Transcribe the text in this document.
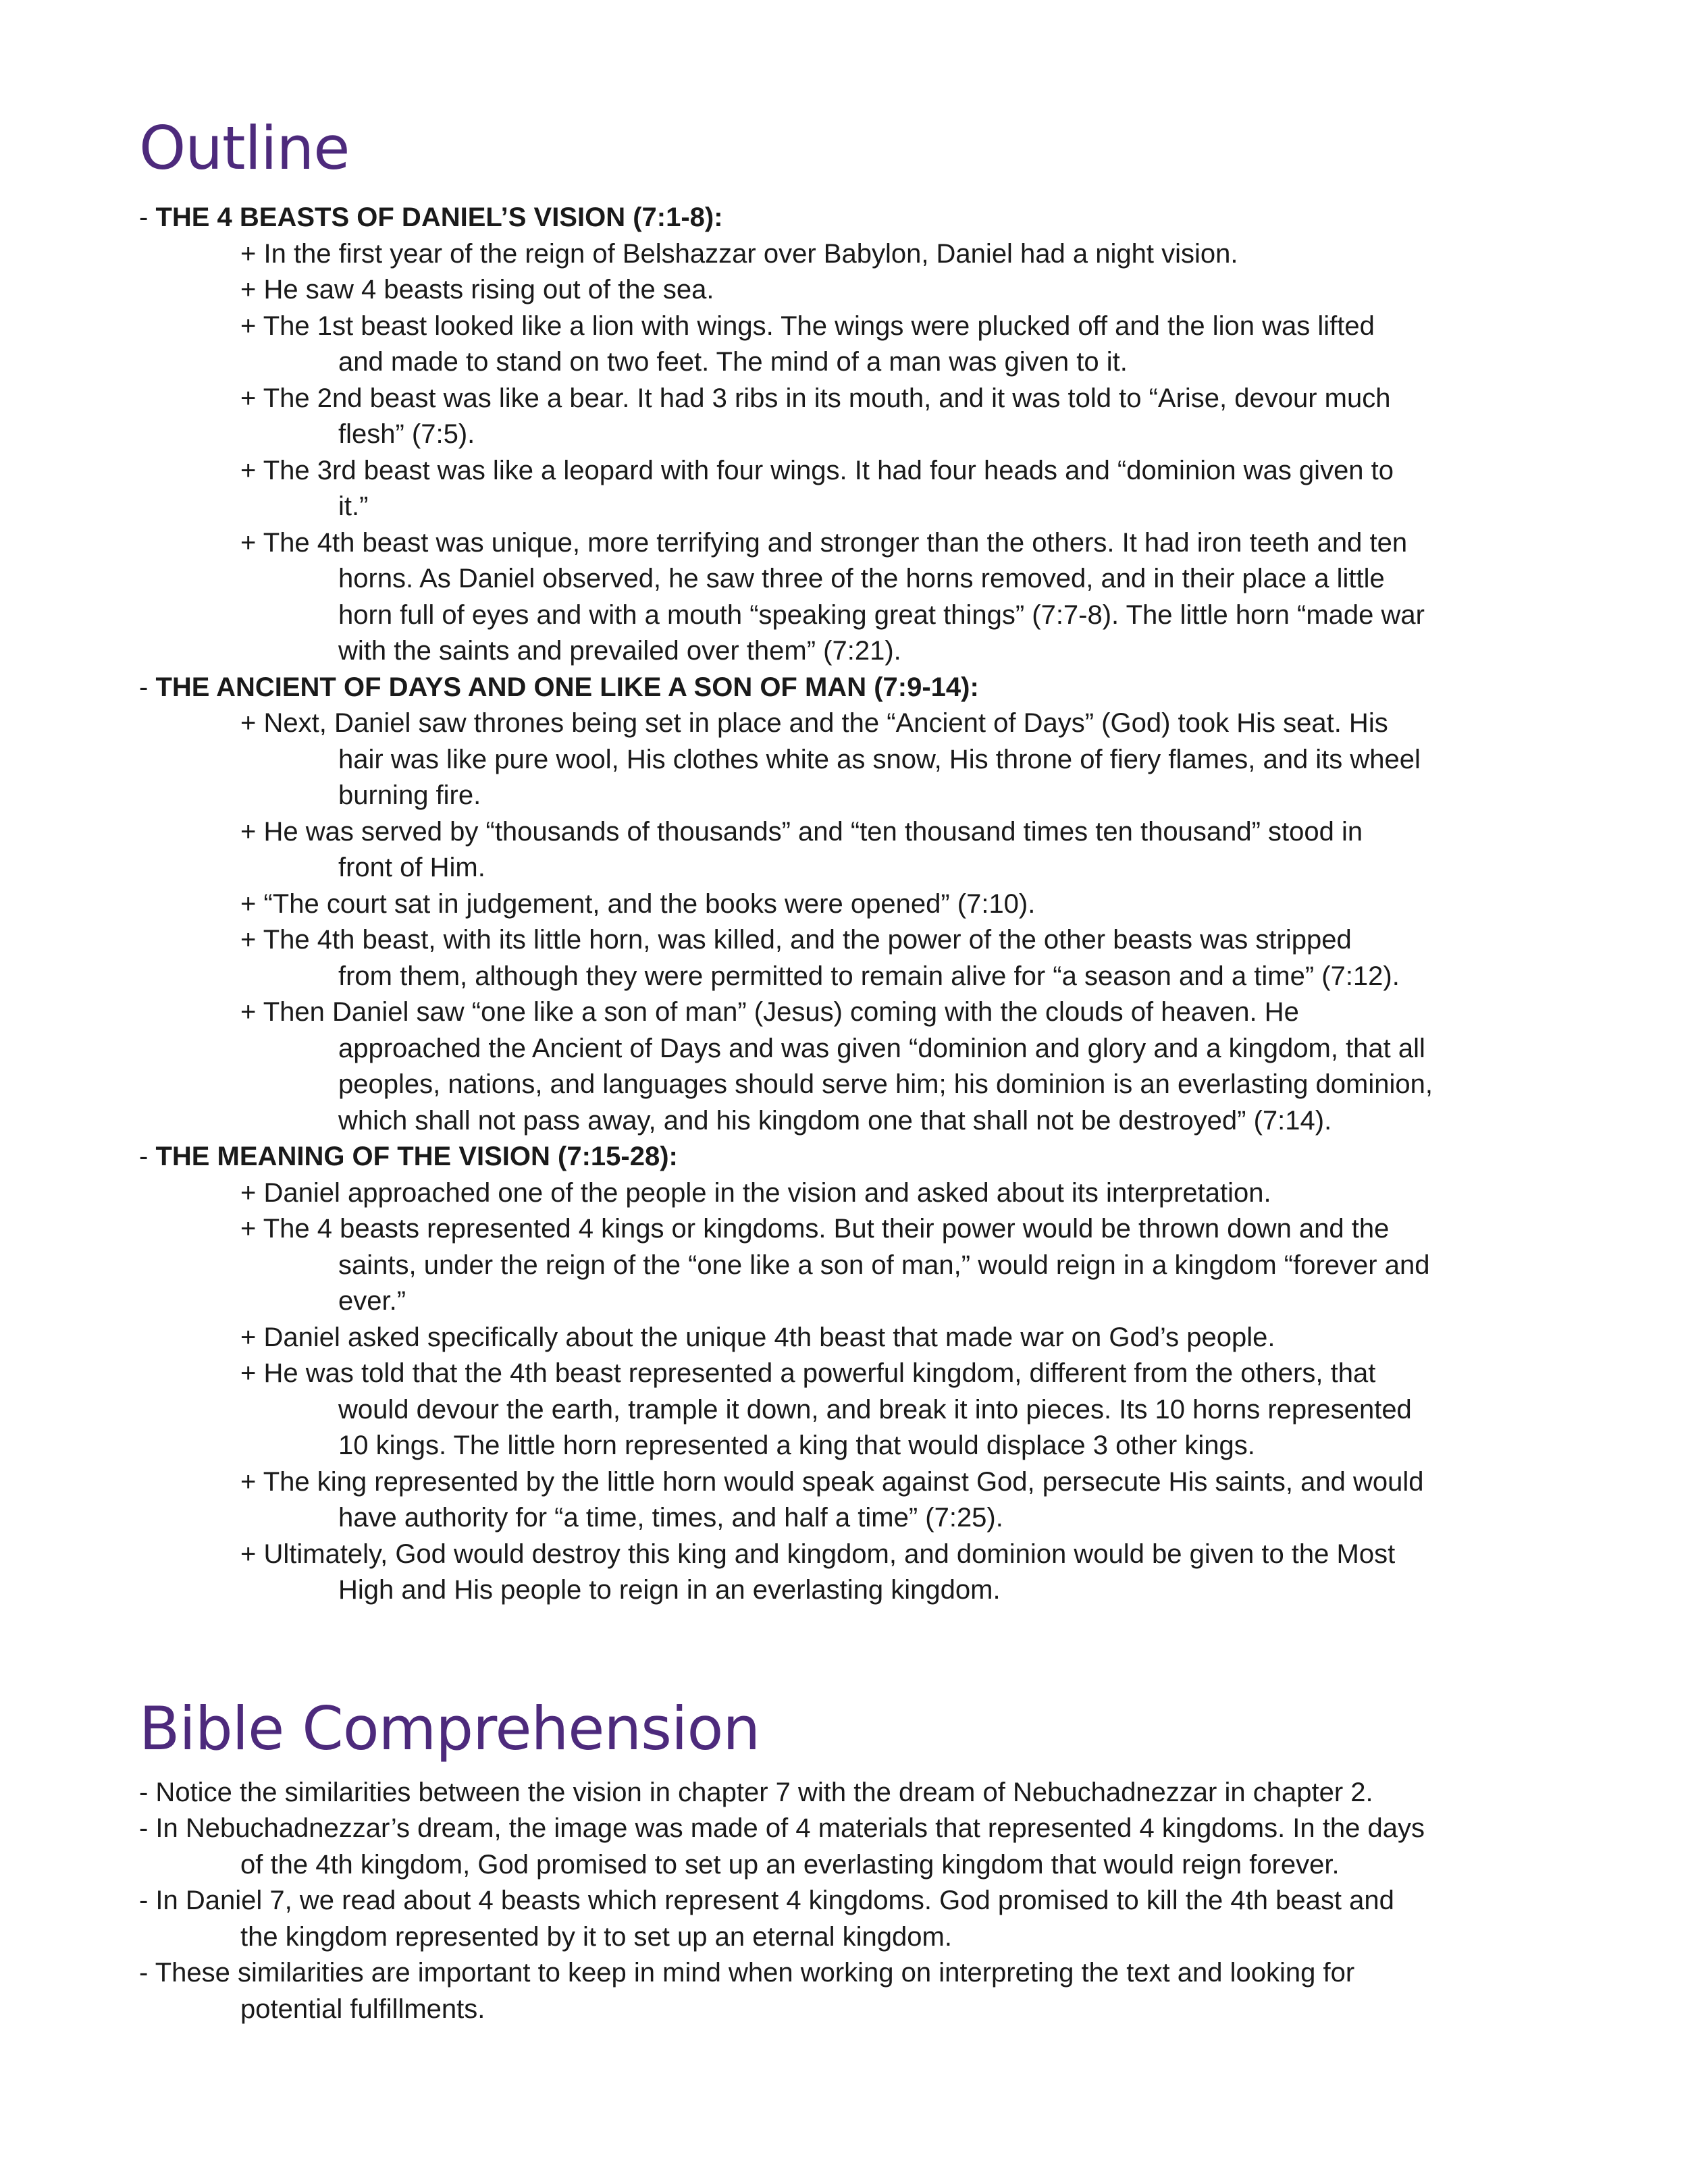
Outline
- THE 4 BEASTS OF DANIEL’S VISION (7:1-8):
+ In the first year of the reign of Belshazzar over Babylon, Daniel had a night vision.
+ He saw 4 beasts rising out of the sea.
+ The 1st beast looked like a lion with wings. The wings were plucked off and the lion was lifted
and made to stand on two feet. The mind of a man was given to it.
+ The 2nd beast was like a bear. It had 3 ribs in its mouth, and it was told to “Arise, devour much
flesh” (7:5).
+ The 3rd beast was like a leopard with four wings. It had four heads and “dominion was given to
it.”
+ The 4th beast was unique, more terrifying and stronger than the others. It had iron teeth and ten
horns. As Daniel observed, he saw three of the horns removed, and in their place a little
horn full of eyes and with a mouth “speaking great things” (7:7-8). The little horn “made war
with the saints and prevailed over them” (7:21).
- THE ANCIENT OF DAYS AND ONE LIKE A SON OF MAN (7:9-14):
+ Next, Daniel saw thrones being set in place and the “Ancient of Days” (God) took His seat. His
hair was like pure wool, His clothes white as snow, His throne of fiery flames, and its wheel
burning fire.
+ He was served by “thousands of thousands” and “ten thousand times ten thousand” stood in
front of Him.
+ “The court sat in judgement, and the books were opened” (7:10).
+ The 4th beast, with its little horn, was killed, and the power of the other beasts was stripped
from them, although they were permitted to remain alive for “a season and a time” (7:12).
+ Then Daniel saw “one like a son of man” (Jesus) coming with the clouds of heaven. He
approached the Ancient of Days and was given “dominion and glory and a kingdom, that all
peoples, nations, and languages should serve him; his dominion is an everlasting dominion,
which shall not pass away, and his kingdom one that shall not be destroyed” (7:14).
- THE MEANING OF THE VISION (7:15-28):
+ Daniel approached one of the people in the vision and asked about its interpretation.
+ The 4 beasts represented 4 kings or kingdoms. But their power would be thrown down and the
saints, under the reign of the “one like a son of man,” would reign in a kingdom “forever and
ever.”
+ Daniel asked specifically about the unique 4th beast that made war on God’s people.
+ He was told that the 4th beast represented a powerful kingdom, different from the others, that
would devour the earth, trample it down, and break it into pieces. Its 10 horns represented
10 kings. The little horn represented a king that would displace 3 other kings.
+ The king represented by the little horn would speak against God, persecute His saints, and would
have authority for “a time, times, and half a time” (7:25).
+ Ultimately, God would destroy this king and kingdom, and dominion would be given to the Most
High and His people to reign in an everlasting kingdom.
Bible Comprehension
- Notice the similarities between the vision in chapter 7 with the dream of Nebuchadnezzar in chapter 2.
- In Nebuchadnezzar’s dream, the image was made of 4 materials that represented 4 kingdoms. In the days
of the 4th kingdom, God promised to set up an everlasting kingdom that would reign forever.
- In Daniel 7, we read about 4 beasts which represent 4 kingdoms. God promised to kill the 4th beast and
the kingdom represented by it to set up an eternal kingdom.
- These similarities are important to keep in mind when working on interpreting the text and looking for
potential fulfillments.
